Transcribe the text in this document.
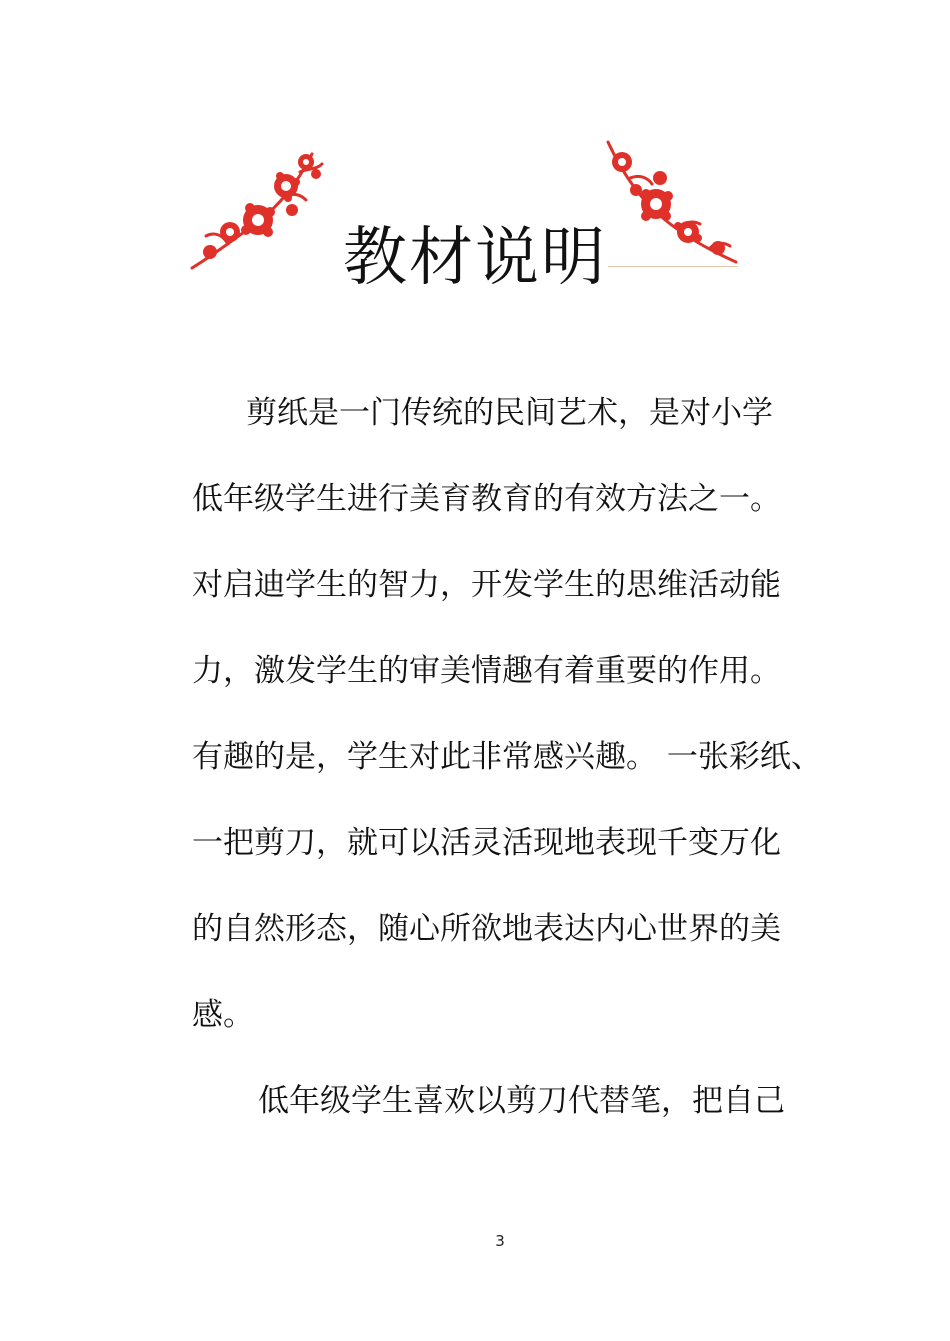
教材说明
剪纸是一门传统的民间艺术，是对小学
低年级学生进行美育教育的有效方法之一。
对启迪学生的智力，开发学生的思维活动能
力，激发学生的审美情趣有着重要的作用。
有趣的是，学生对此非常感兴趣。 一张彩纸、
一把剪刀，就可以活灵活现地表现千变万化
的自然形态，随心所欲地表达内心世界的美
感。
低年级学生喜欢以剪刀代替笔，把自己
3
